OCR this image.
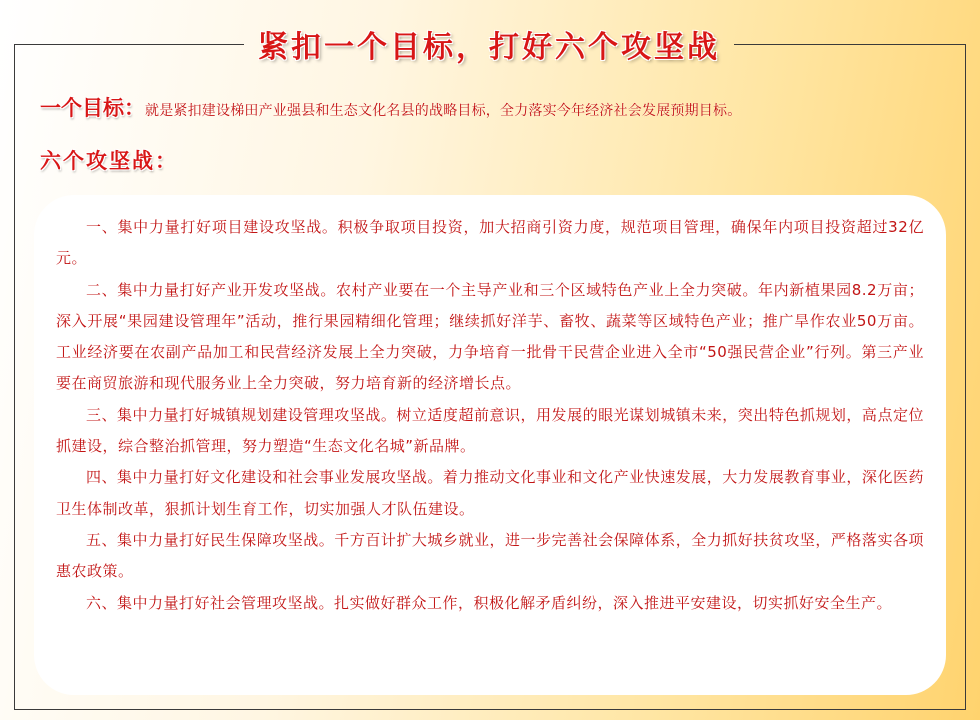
紧扣一个目标，打好六个攻坚战
一个目标：就是紧扣建设梯田产业强县和生态文化名县的战略目标，全力落实今年经济社会发展预期目标。
六个攻坚战：

一、集中力量打好项目建设攻坚战。积极争取项目投资，加大招商引资力度，规范项目管理，确保年内项目投资超过32亿元。

二、集中力量打好产业开发攻坚战。农村产业要在一个主导产业和三个区域特色产业上全力突破。年内新植果园8.2万亩；深入开展“果园建设管理年”活动，推行果园精细化管理；继续抓好洋芋、畜牧、蔬菜等区域特色产业；推广旱作农业50万亩。工业经济要在农副产品加工和民营经济发展上全力突破，力争培育一批骨干民营企业进入全市“50强民营企业”行列。第三产业要在商贸旅游和现代服务业上全力突破，努力培育新的经济增长点。

三、集中力量打好城镇规划建设管理攻坚战。树立适度超前意识，用发展的眼光谋划城镇未来，突出特色抓规划，高点定位抓建设，综合整治抓管理，努力塑造“生态文化名城”新品牌。

四、集中力量打好文化建设和社会事业发展攻坚战。着力推动文化事业和文化产业快速发展，大力发展教育事业，深化医药卫生体制改革，狠抓计划生育工作，切实加强人才队伍建设。

五、集中力量打好民生保障攻坚战。千方百计扩大城乡就业，进一步完善社会保障体系，全力抓好扶贫攻坚，严格落实各项惠农政策。

六、集中力量打好社会管理攻坚战。扎实做好群众工作，积极化解矛盾纠纷，深入推进平安建设，切实抓好安全生产。
